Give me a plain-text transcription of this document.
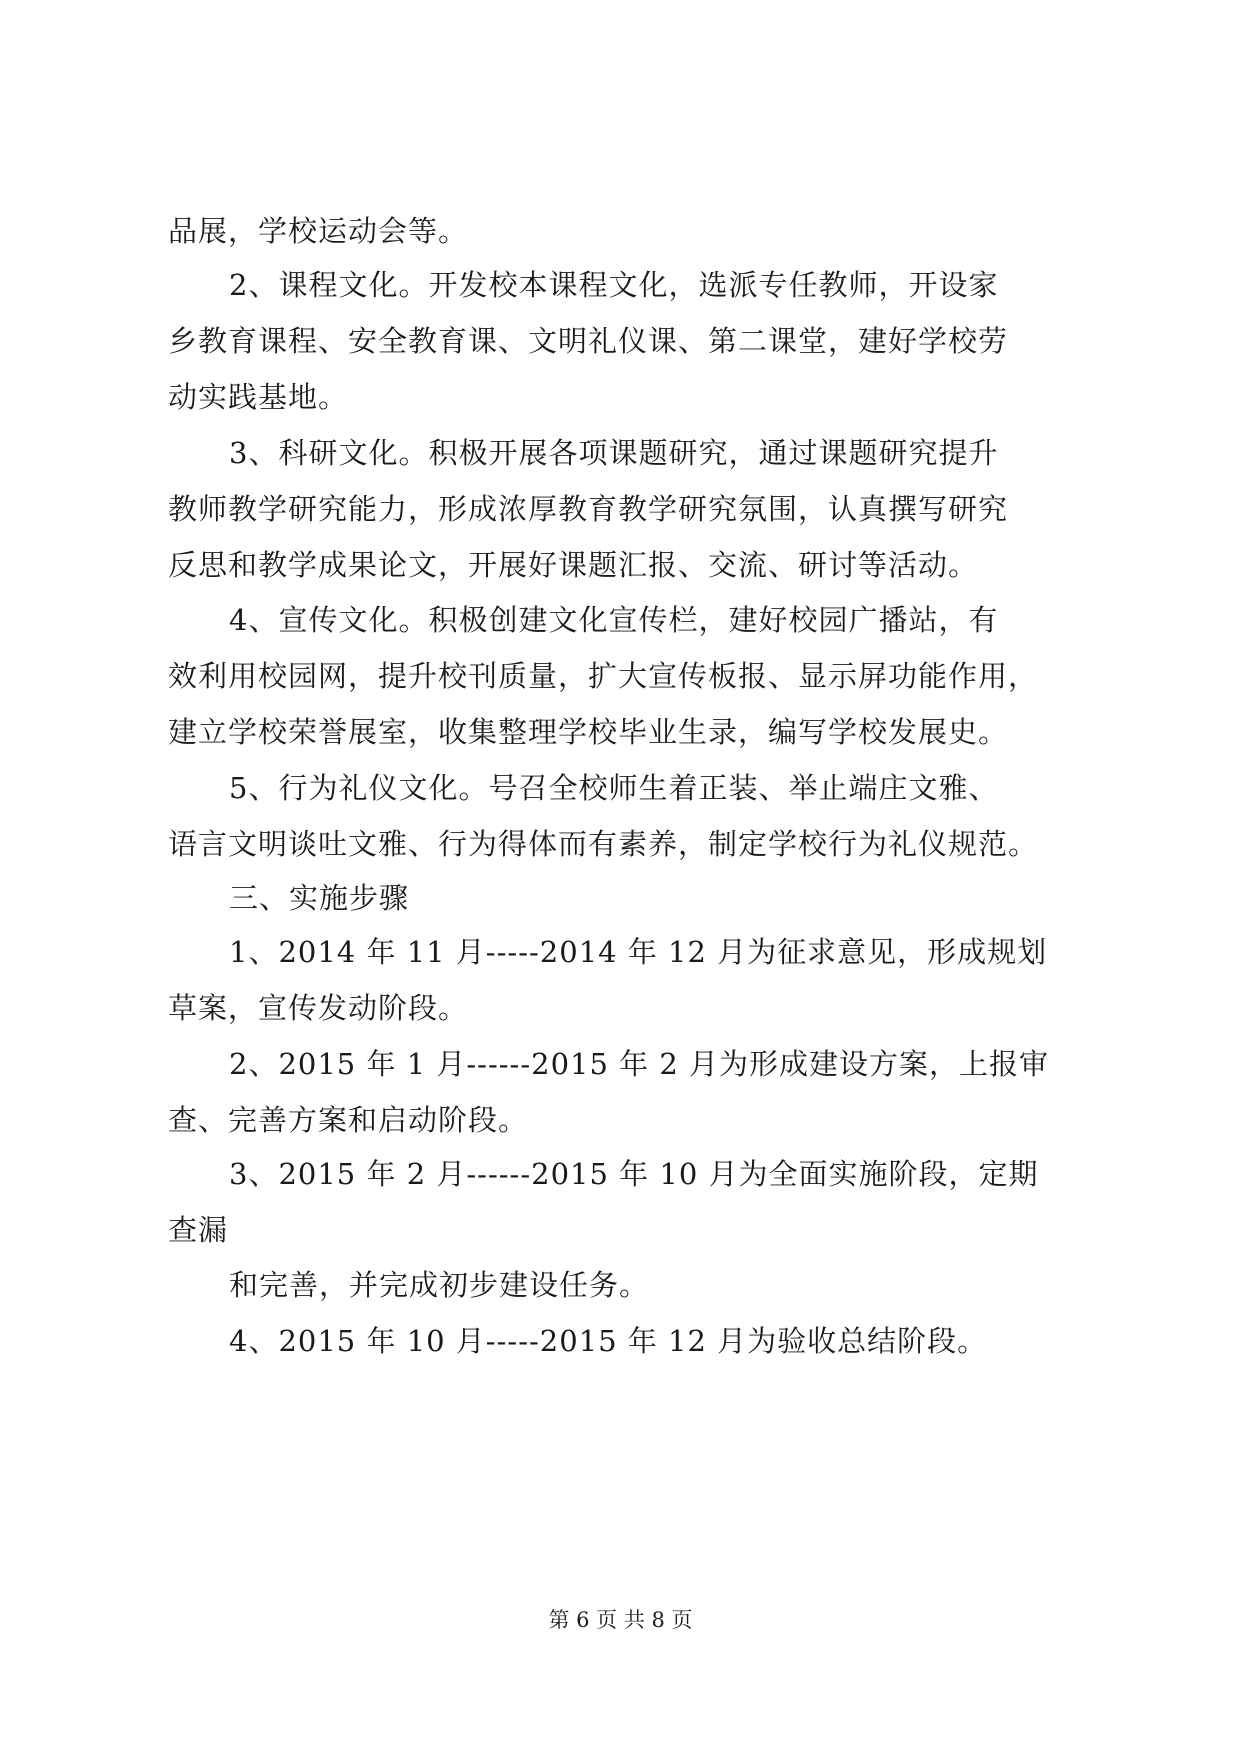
品展，学校运动会等。
2、课程文化。开发校本课程文化，选派专任教师，开设家
乡教育课程、安全教育课、文明礼仪课、第二课堂，建好学校劳
动实践基地。
3、科研文化。积极开展各项课题研究，通过课题研究提升
教师教学研究能力，形成浓厚教育教学研究氛围，认真撰写研究
反思和教学成果论文，开展好课题汇报、交流、研讨等活动。
4、宣传文化。积极创建文化宣传栏，建好校园广播站，有
效利用校园网，提升校刊质量，扩大宣传板报、显示屏功能作用，
建立学校荣誉展室，收集整理学校毕业生录，编写学校发展史。
5、行为礼仪文化。号召全校师生着正装、举止端庄文雅、
语言文明谈吐文雅、行为得体而有素养，制定学校行为礼仪规范。
三、实施步骤
1、2014 年 11 月-----2014 年 12 月为征求意见，形成规划
草案，宣传发动阶段。
2、2015 年 1 月------2015 年 2 月为形成建设方案，上报审
查、完善方案和启动阶段。
3、2015 年 2 月------2015 年 10 月为全面实施阶段，定期
查漏
和完善，并完成初步建设任务。
4、2015 年 10 月-----2015 年 12 月为验收总结阶段。
第 6 页 共 8 页
